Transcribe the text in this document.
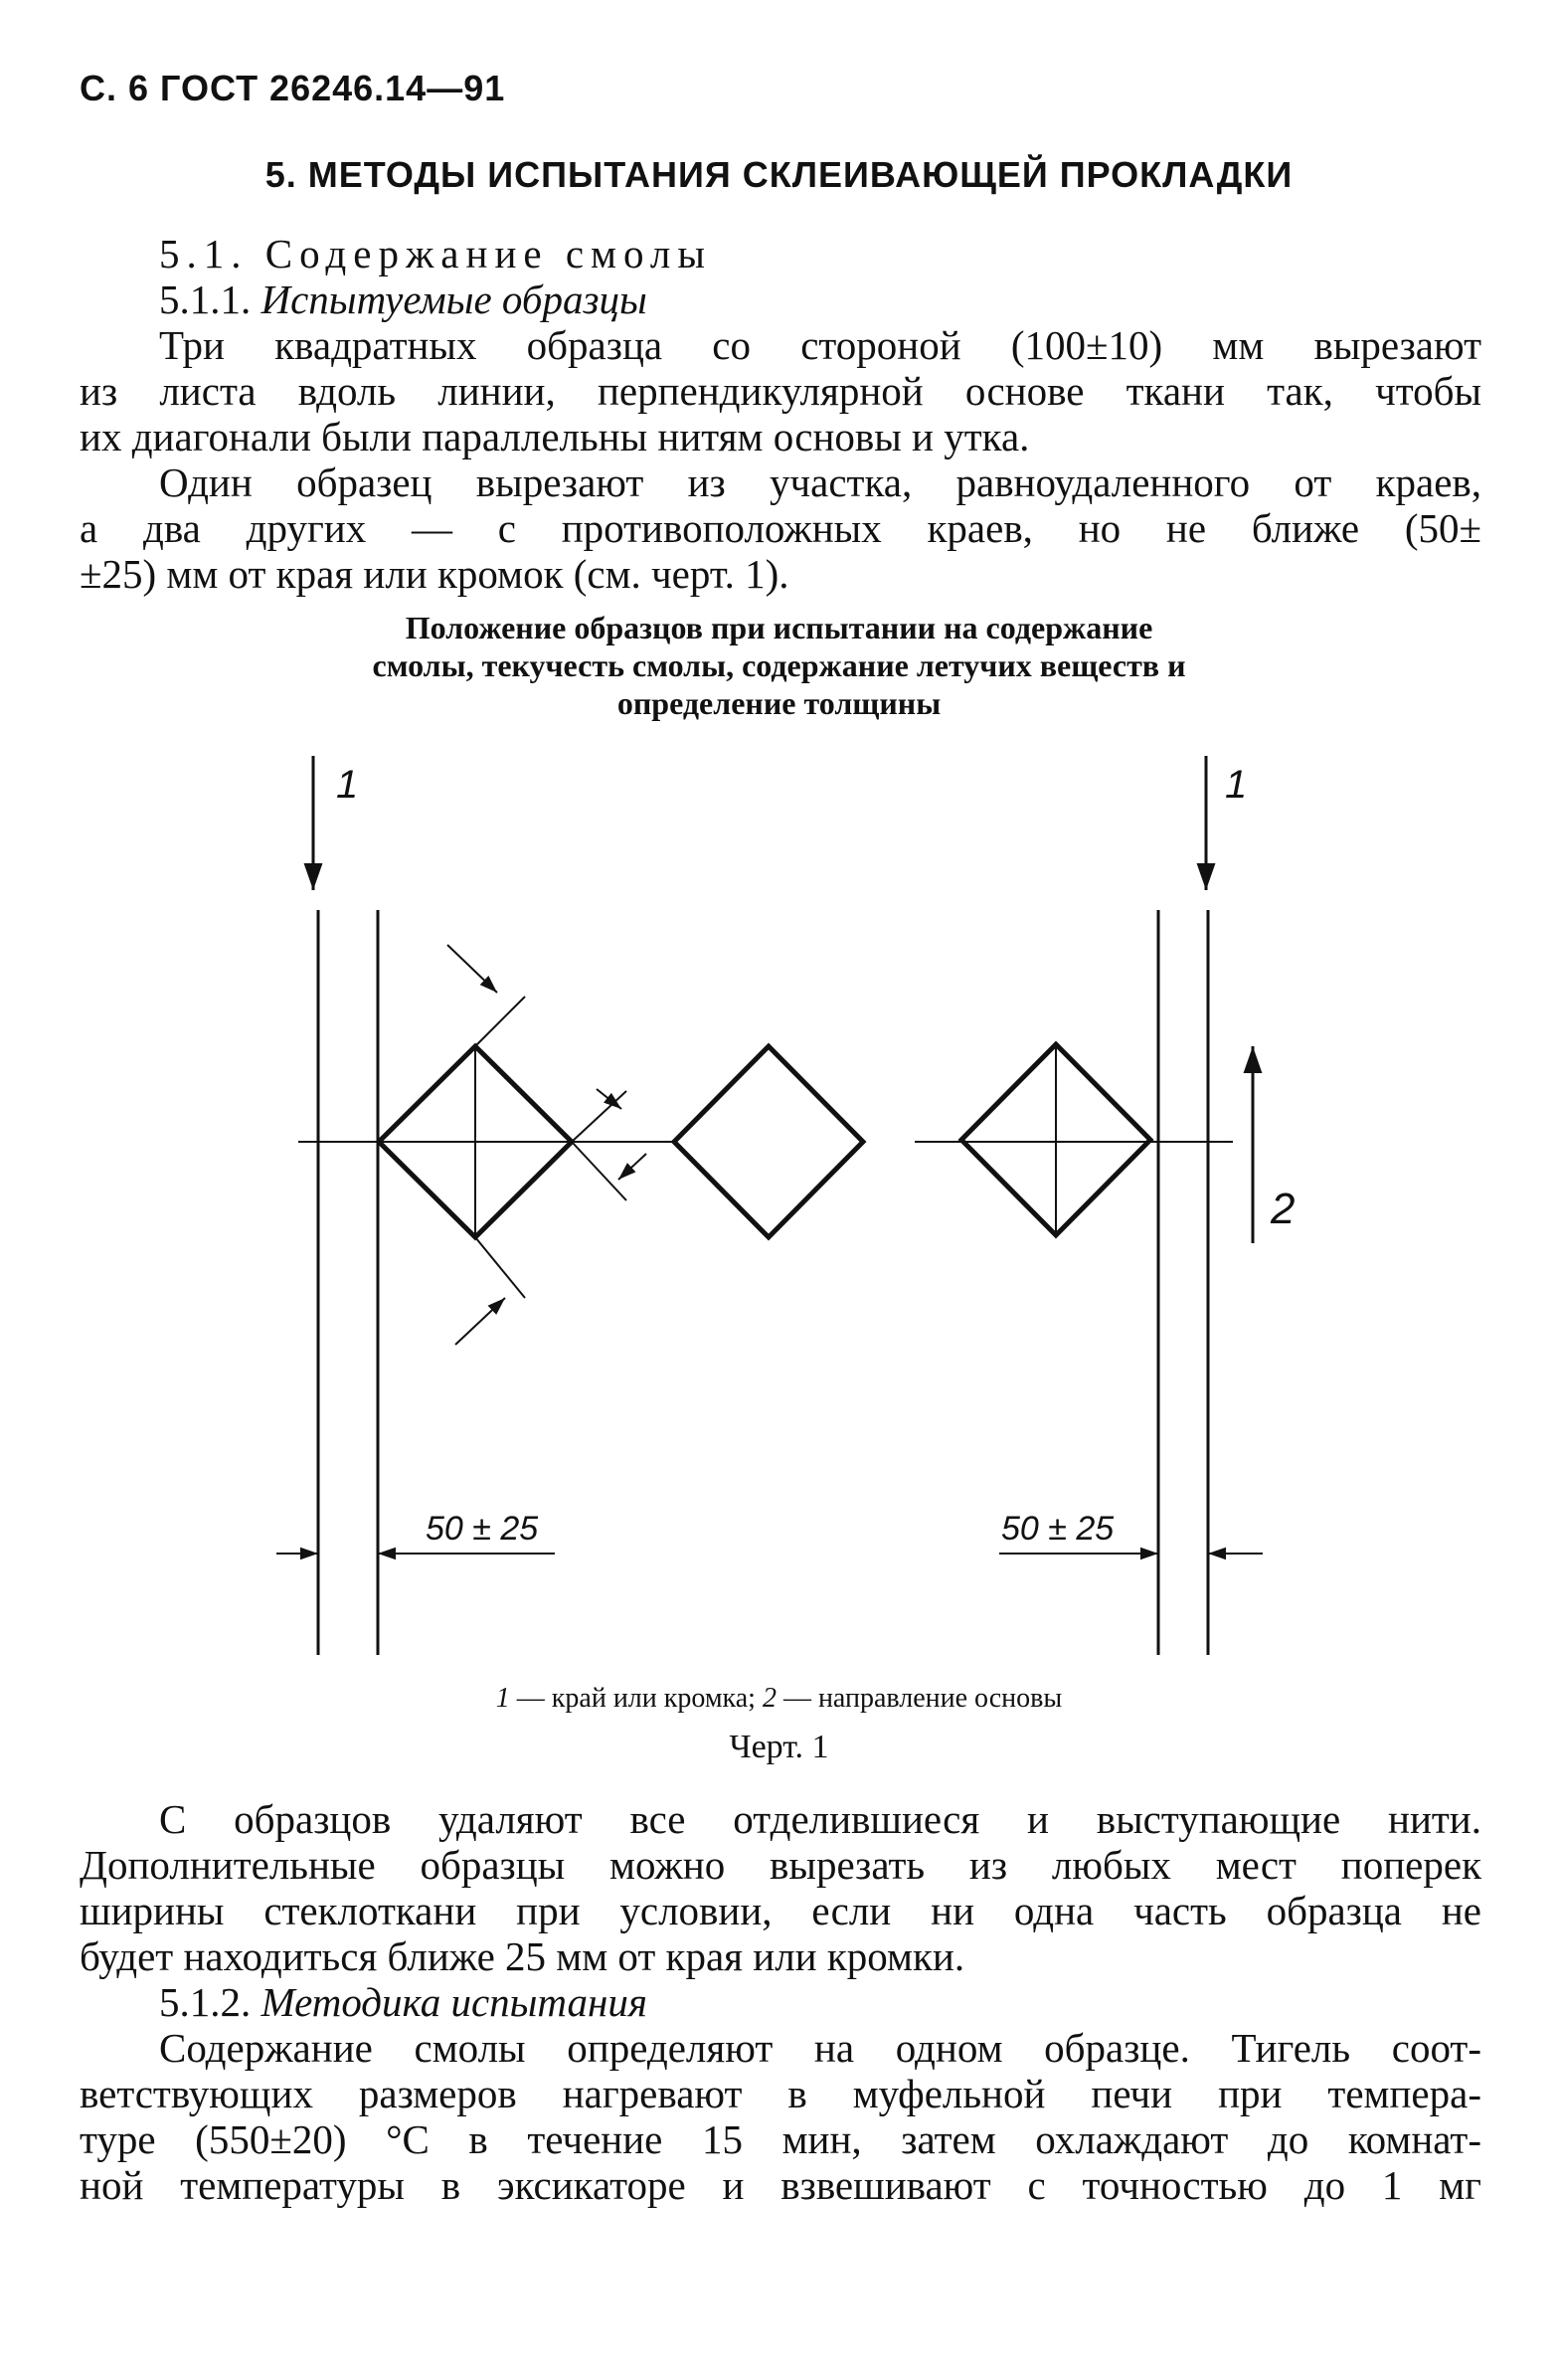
С. 6 ГОСТ 26246.14—91
5. МЕТОДЫ ИСПЫТАНИЯ СКЛЕИВАЮЩЕЙ ПРОКЛАДКИ
5.1. Содержание смолы
5.1.1. Испытуемые образцы
Три квадратных образца со стороной (100±10) мм вырезают
из листа вдоль линии, перпендикулярной основе ткани так, чтобы
их диагонали были параллельны нитям основы и утка.
Один образец вырезают из участка, равноудаленного от краев,
а два других — с противоположных краев, но не ближе (50±
±25) мм от края или кромок (см. черт. 1).
Положение образцов при испытании на содержание
смолы, текучесть смолы, содержание летучих веществ и
определение толщины
1	1
2
50 ± 25	50 ± 25
1 — край или кромка; 2 — направление основы
Черт. 1
С образцов удаляют все отделившиеся и выступающие нити.
Дополнительные образцы можно вырезать из любых мест поперек
ширины стеклоткани при условии, если ни одна часть образца не
будет находиться ближе 25 мм от края или кромки.
5.1.2. Методика испытания
Содержание смолы определяют на одном образце. Тигель соот-
ветствующих размеров нагревают в муфельной печи при темпера-
туре (550±20) °С в течение 15 мин, затем охлаждают до комнат-
ной температуры в эксикаторе и взвешивают с точностью до 1 мг
